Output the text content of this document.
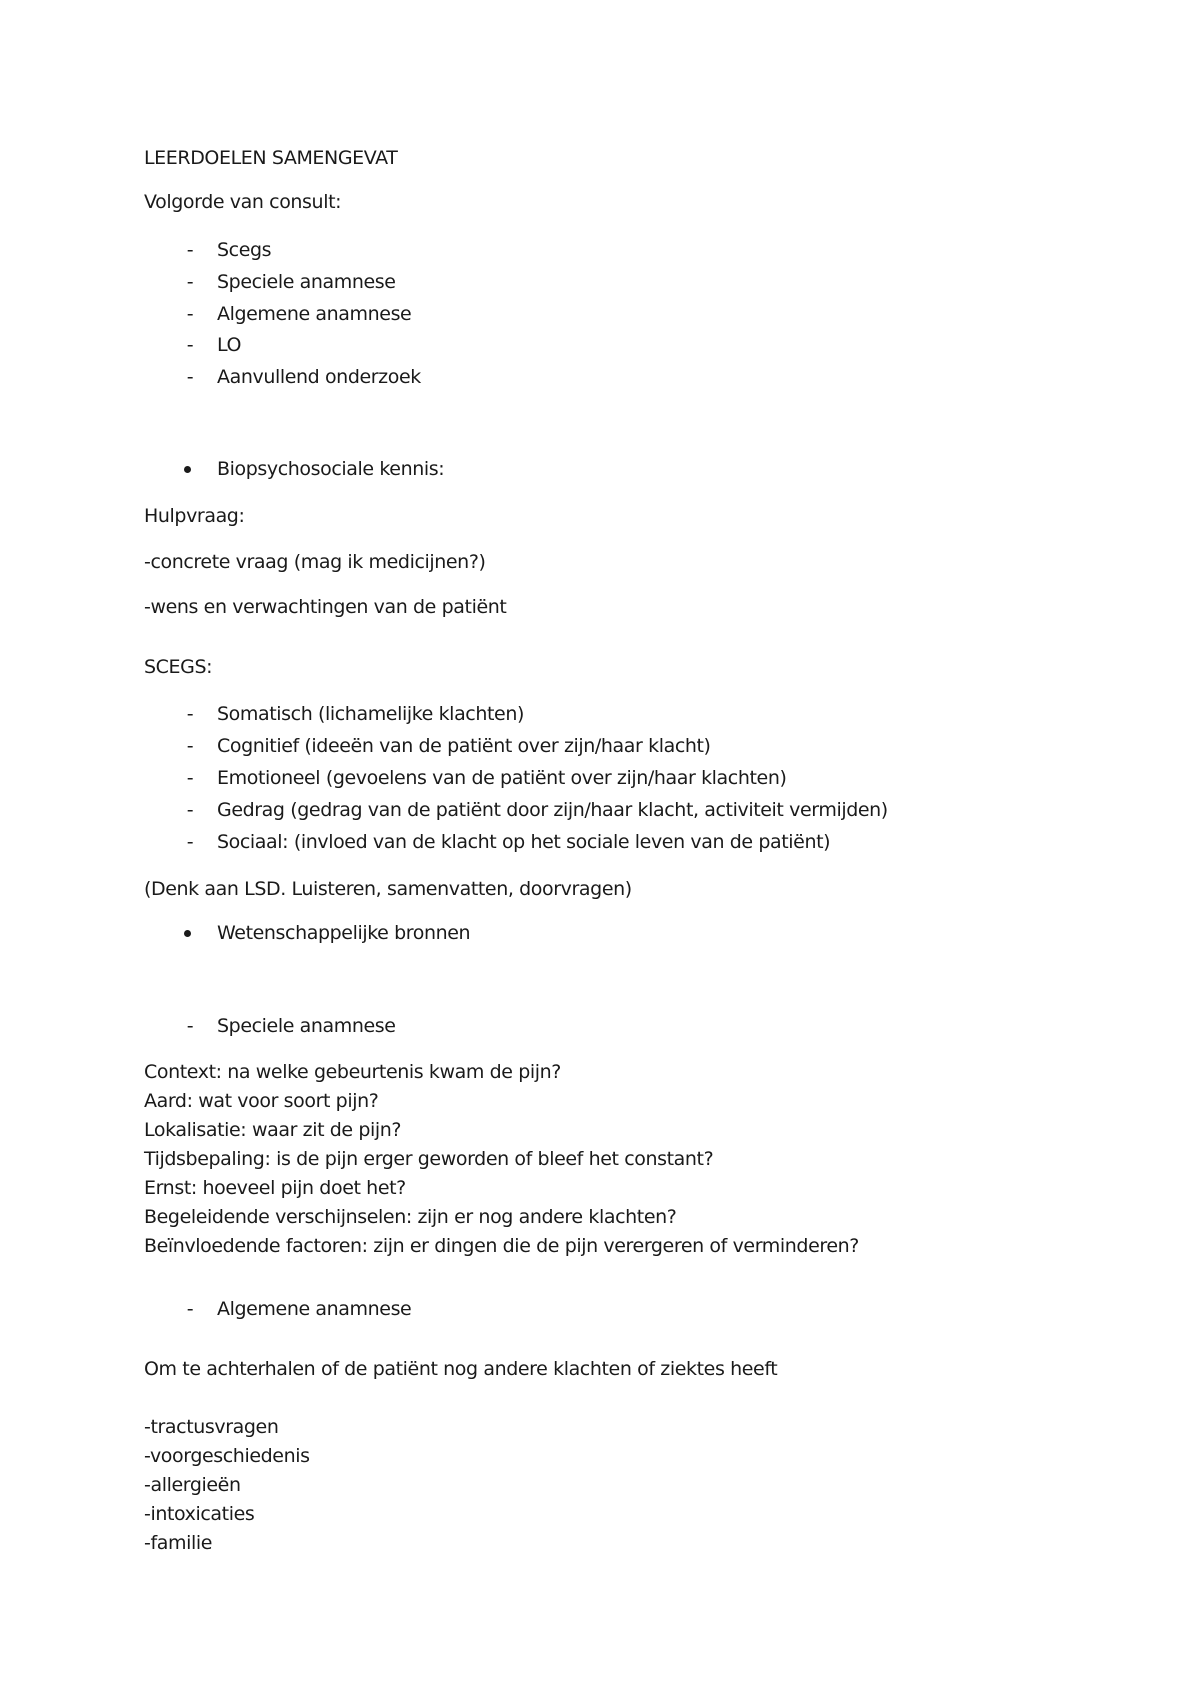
LEERDOELEN SAMENGEVAT
Volgorde van consult:
- Scegs
- Speciele anamnese
- Algemene anamnese
- LO
- Aanvullend onderzoek
Biopsychosociale kennis:
Hulpvraag:
-concrete vraag (mag ik medicijnen?)
-wens en verwachtingen van de patiënt
SCEGS:
- Somatisch (lichamelijke klachten)
- Cognitief (ideeën van de patiënt over zijn/haar klacht)
- Emotioneel (gevoelens van de patiënt over zijn/haar klachten)
- Gedrag (gedrag van de patiënt door zijn/haar klacht, activiteit vermijden)
- Sociaal: (invloed van de klacht op het sociale leven van de patiënt)
(Denk aan LSD. Luisteren, samenvatten, doorvragen)
Wetenschappelijke bronnen
- Speciele anamnese
Context: na welke gebeurtenis kwam de pijn?
Aard: wat voor soort pijn?
Lokalisatie: waar zit de pijn?
Tijdsbepaling: is de pijn erger geworden of bleef het constant?
Ernst: hoeveel pijn doet het?
Begeleidende verschijnselen: zijn er nog andere klachten?
Beïnvloedende factoren: zijn er dingen die de pijn verergeren of verminderen?
- Algemene anamnese
Om te achterhalen of de patiënt nog andere klachten of ziektes heeft
-tractusvragen
-voorgeschiedenis
-allergieën
-intoxicaties
-familie
